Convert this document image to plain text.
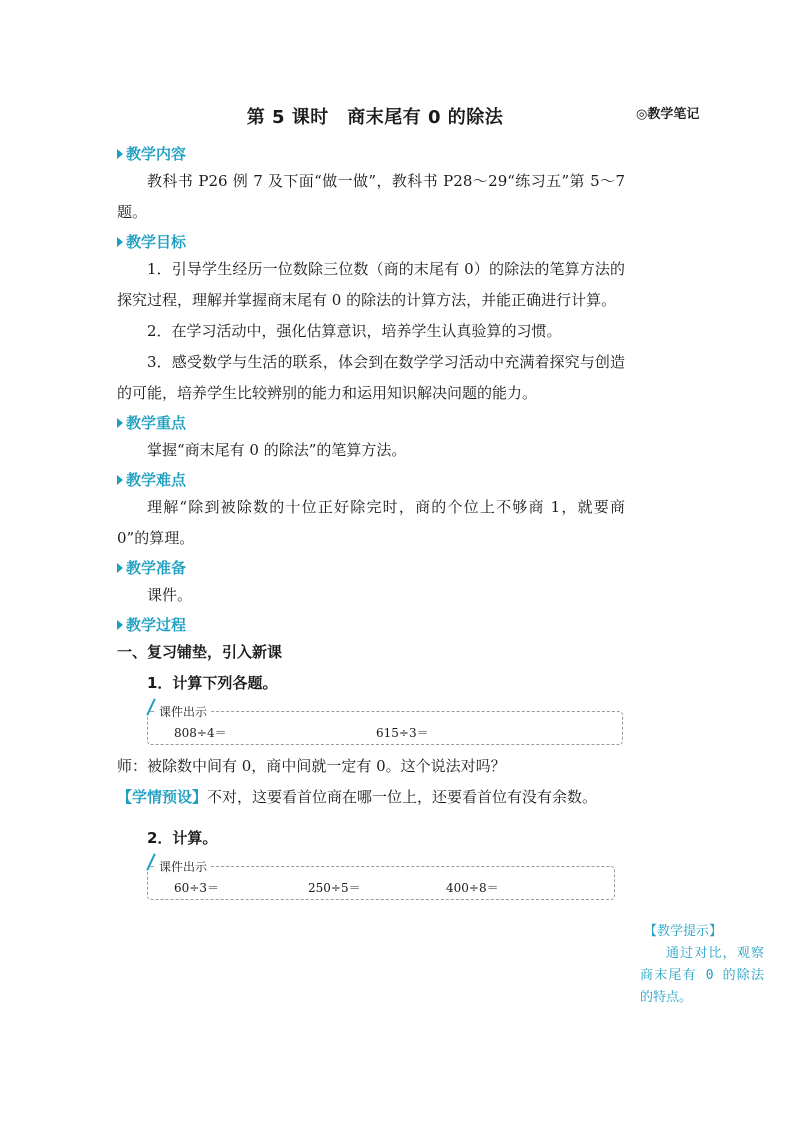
第 5 课时　商末尾有 0 的除法	◎教学笔记
教学内容

教科书 P26 例 7 及下面“做一做”，教科书 P28～29“练习五”第 5～7 题。

教学目标

1．引导学生经历一位数除三位数（商的末尾有 0）的除法的笔算方法的探究过程，理解并掌握商末尾有 0 的除法的计算方法，并能正确进行计算。

2．在学习活动中，强化估算意识，培养学生认真验算的习惯。

3．感受数学与生活的联系，体会到在数学学习活动中充满着探究与创造的可能，培养学生比较辨别的能力和运用知识解决问题的能力。

教学重点

掌握“商末尾有 0 的除法”的笔算方法。

教学难点

理解“除到被除数的十位正好除完时，商的个位上不够商 1，就要商 0”的算理。

教学准备

课件。

教学过程
一、复习铺垫，引入新课
1．计算下列各题。
课件出示
808÷4＝	615÷3＝

师：被除数中间有 0，商中间就一定有 0。这个说法对吗？

【学情预设】不对，这要看首位商在哪一位上，还要看首位有没有余数。

2．计算。
课件出示
60÷3＝	250÷5＝	400÷8＝
【教学提示】
通过对比，观察商末尾有 0 的除法的特点。
